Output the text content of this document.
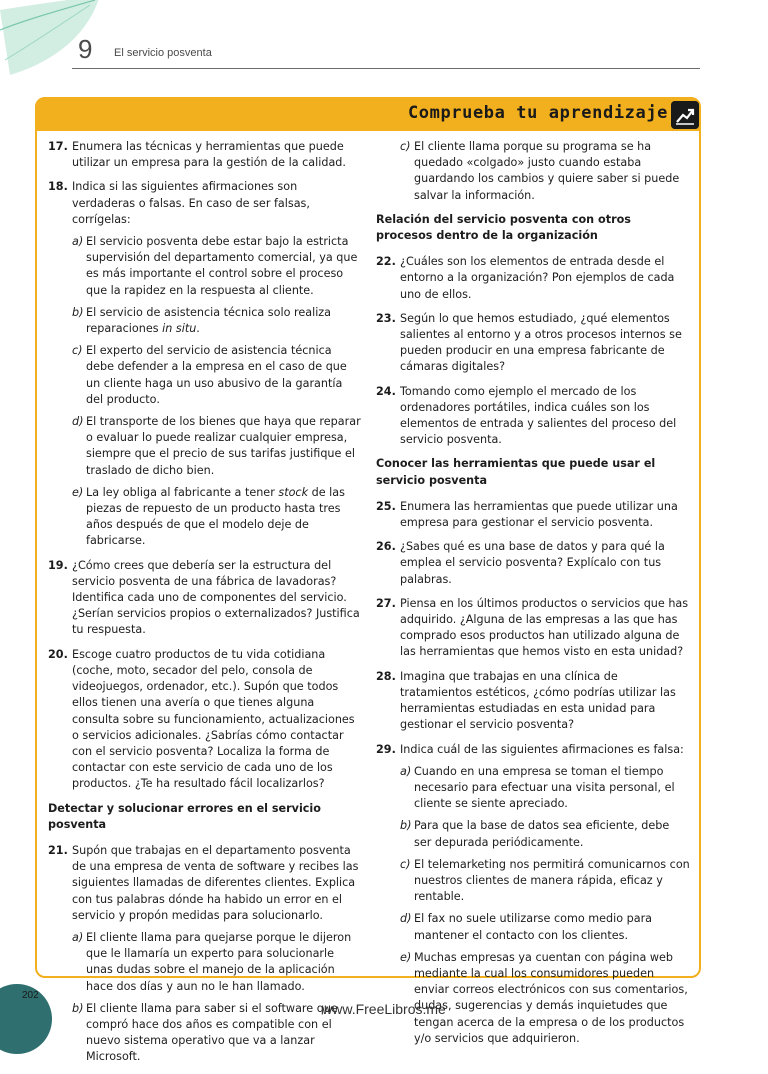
9 El servicio posventa
Comprueba tu aprendizaje
17. Enumera las técnicas y herramientas que puede utilizar un empresa para la gestión de la calidad.
18. Indica si las siguientes afirmaciones son verdaderas o falsas. En caso de ser falsas, corrígelas:
a) El servicio posventa debe estar bajo la estricta supervisión del departamento comercial, ya que es más importante el control sobre el proceso que la rapidez en la respuesta al cliente.
b) El servicio de asistencia técnica solo realiza reparaciones in situ.
c) El experto del servicio de asistencia técnica debe defender a la empresa en el caso de que un cliente haga un uso abusivo de la garantía del producto.
d) El transporte de los bienes que haya que reparar o evaluar lo puede realizar cualquier empresa, siempre que el precio de sus tarifas justifique el traslado de dicho bien.
e) La ley obliga al fabricante a tener stock de las piezas de repuesto de un producto hasta tres años después de que el modelo deje de fabricarse.
19. ¿Cómo crees que debería ser la estructura del servicio posventa de una fábrica de lavadoras? Identifica cada uno de componentes del servicio. ¿Serían servicios propios o externalizados? Justifica tu respuesta.
20. Escoge cuatro productos de tu vida cotidiana (coche, moto, secador del pelo, consola de videojuegos, ordenador, etc.). Supón que todos ellos tienen una avería o que tienes alguna consulta sobre su funcionamiento, actualizaciones o servicios adicionales. ¿Sabrías cómo contactar con el servicio posventa? Localiza la forma de contactar con este servicio de cada uno de los productos. ¿Te ha resultado fácil localizarlos?
Detectar y solucionar errores en el servicio posventa
21. Supón que trabajas en el departamento posventa de una empresa de venta de software y recibes las siguientes llamadas de diferentes clientes. Explica con tus palabras dónde ha habido un error en el servicio y propón medidas para solucionarlo.
a) El cliente llama para quejarse porque le dijeron que le llamaría un experto para solucionarle unas dudas sobre el manejo de la aplicación hace dos días y aun no le han llamado.
b) El cliente llama para saber si el software que compró hace dos años es compatible con el nuevo sistema operativo que va a lanzar Microsoft.
c) El cliente llama porque su programa se ha quedado «colgado» justo cuando estaba guardando los cambios y quiere saber si puede salvar la información.
Relación del servicio posventa con otros procesos dentro de la organización
22. ¿Cuáles son los elementos de entrada desde el entorno a la organización? Pon ejemplos de cada uno de ellos.
23. Según lo que hemos estudiado, ¿qué elementos salientes al entorno y a otros procesos internos se pueden producir en una empresa fabricante de cámaras digitales?
24. Tomando como ejemplo el mercado de los ordenadores portátiles, indica cuáles son los elementos de entrada y salientes del proceso del servicio posventa.
Conocer las herramientas que puede usar el servicio posventa
25. Enumera las herramientas que puede utilizar una empresa para gestionar el servicio posventa.
26. ¿Sabes qué es una base de datos y para qué la emplea el servicio posventa? Explícalo con tus palabras.
27. Piensa en los últimos productos o servicios que has adquirido. ¿Alguna de las empresas a las que has comprado esos productos han utilizado alguna de las herramientas que hemos visto en esta unidad?
28. Imagina que trabajas en una clínica de tratamientos estéticos, ¿cómo podrías utilizar las herramientas estudiadas en esta unidad para gestionar el servicio posventa?
29. Indica cuál de las siguientes afirmaciones es falsa:
a) Cuando en una empresa se toman el tiempo necesario para efectuar una visita personal, el cliente se siente apreciado.
b) Para que la base de datos sea eficiente, debe ser depurada periódicamente.
c) El telemarketing nos permitirá comunicarnos con nuestros clientes de manera rápida, eficaz y rentable.
d) El fax no suele utilizarse como medio para mantener el contacto con los clientes.
e) Muchas empresas ya cuentan con página web mediante la cual los consumidores pueden enviar correos electrónicos con sus comentarios, dudas, sugerencias y demás inquietudes que tengan acerca de la empresa o de los productos y/o servicios que adquirieron.
202
www.FreeLibros.me
